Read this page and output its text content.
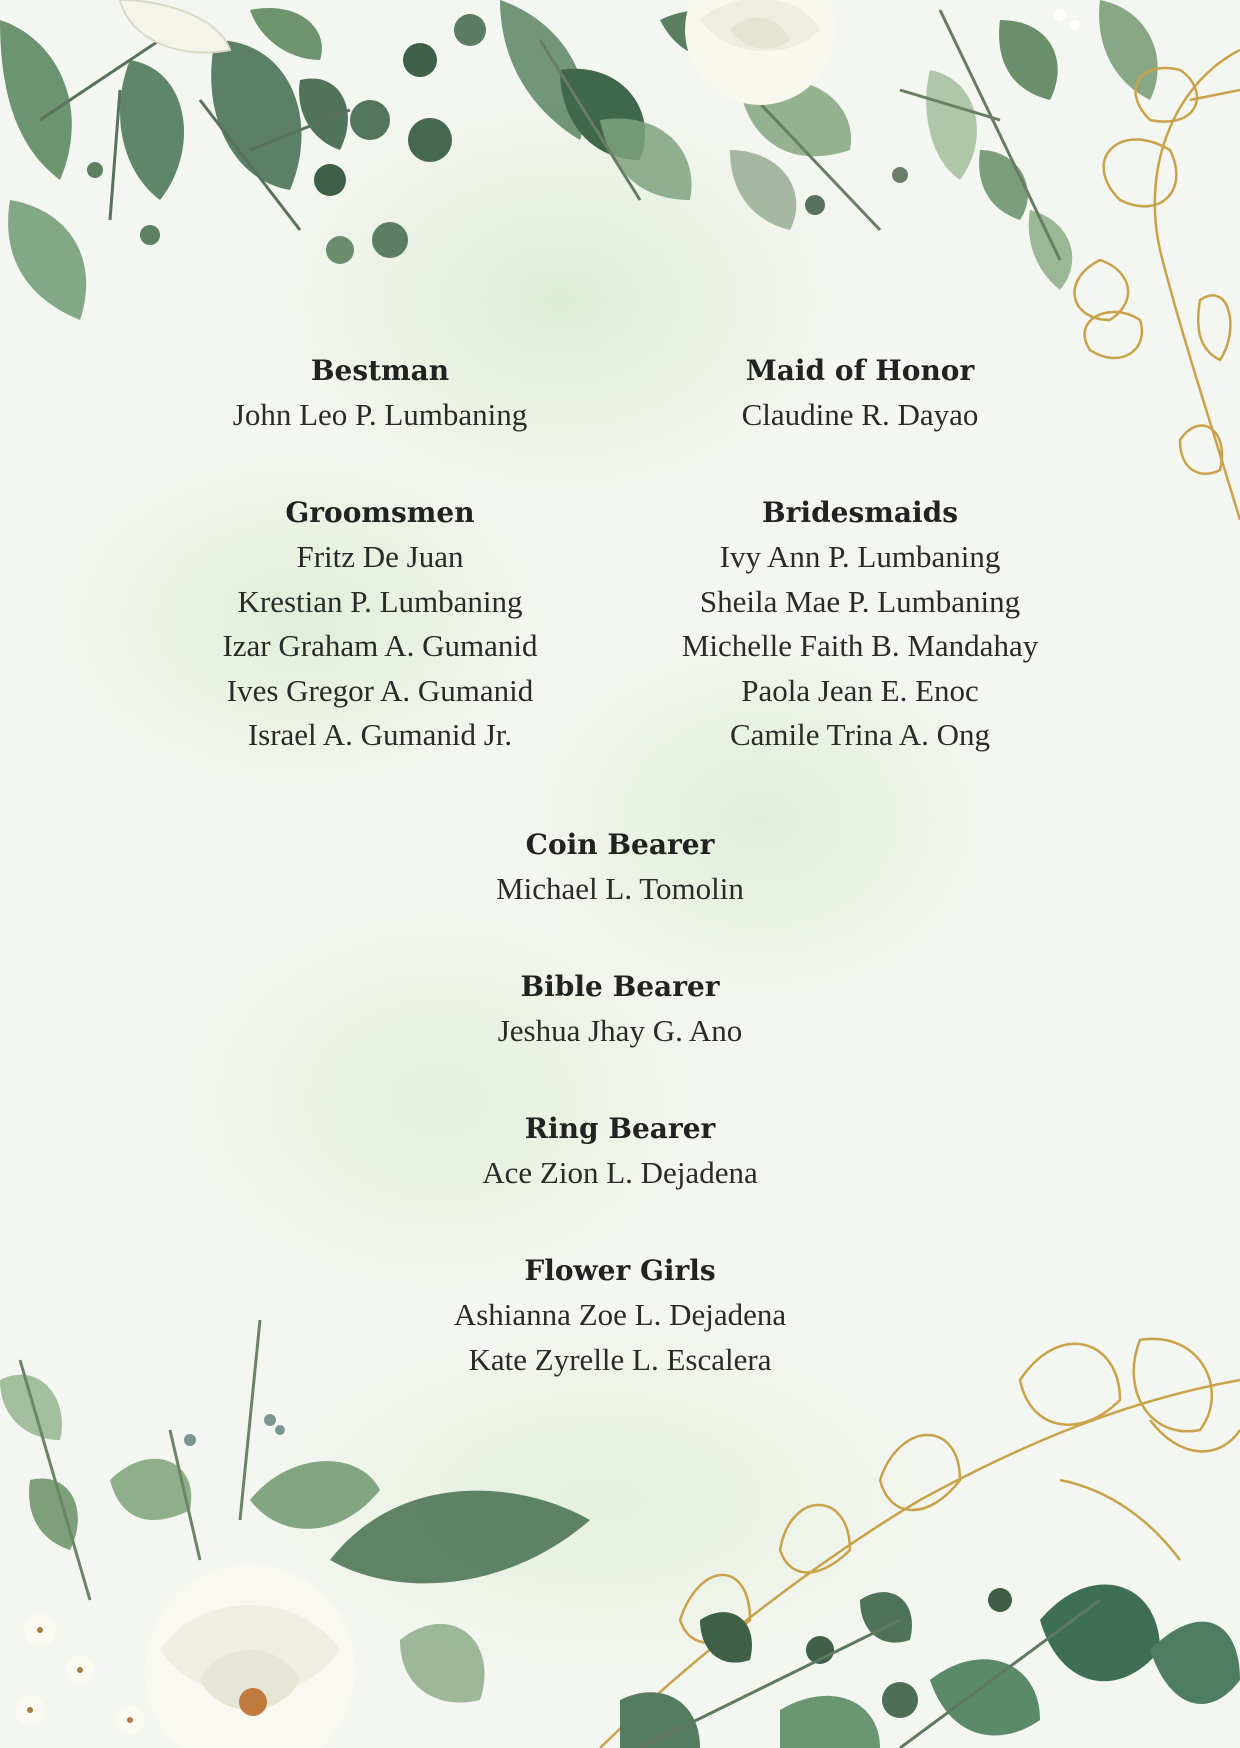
Bestman
John Leo P. Lumbaning
Maid of Honor
Claudine R. Dayao
Groomsmen
Fritz De Juan
Krestian P. Lumbaning
Izar Graham A. Gumanid
Ives Gregor A. Gumanid
Israel A. Gumanid Jr.
Bridesmaids
Ivy Ann P. Lumbaning
Sheila Mae P. Lumbaning
Michelle Faith B. Mandahay
Paola Jean E. Enoc
Camile Trina A. Ong
Coin Bearer
Michael L. Tomolin
Bible Bearer
Jeshua Jhay G. Ano
Ring Bearer
Ace Zion L. Dejadena
Flower Girls
Ashianna Zoe L. Dejadena
Kate Zyrelle L. Escalera
